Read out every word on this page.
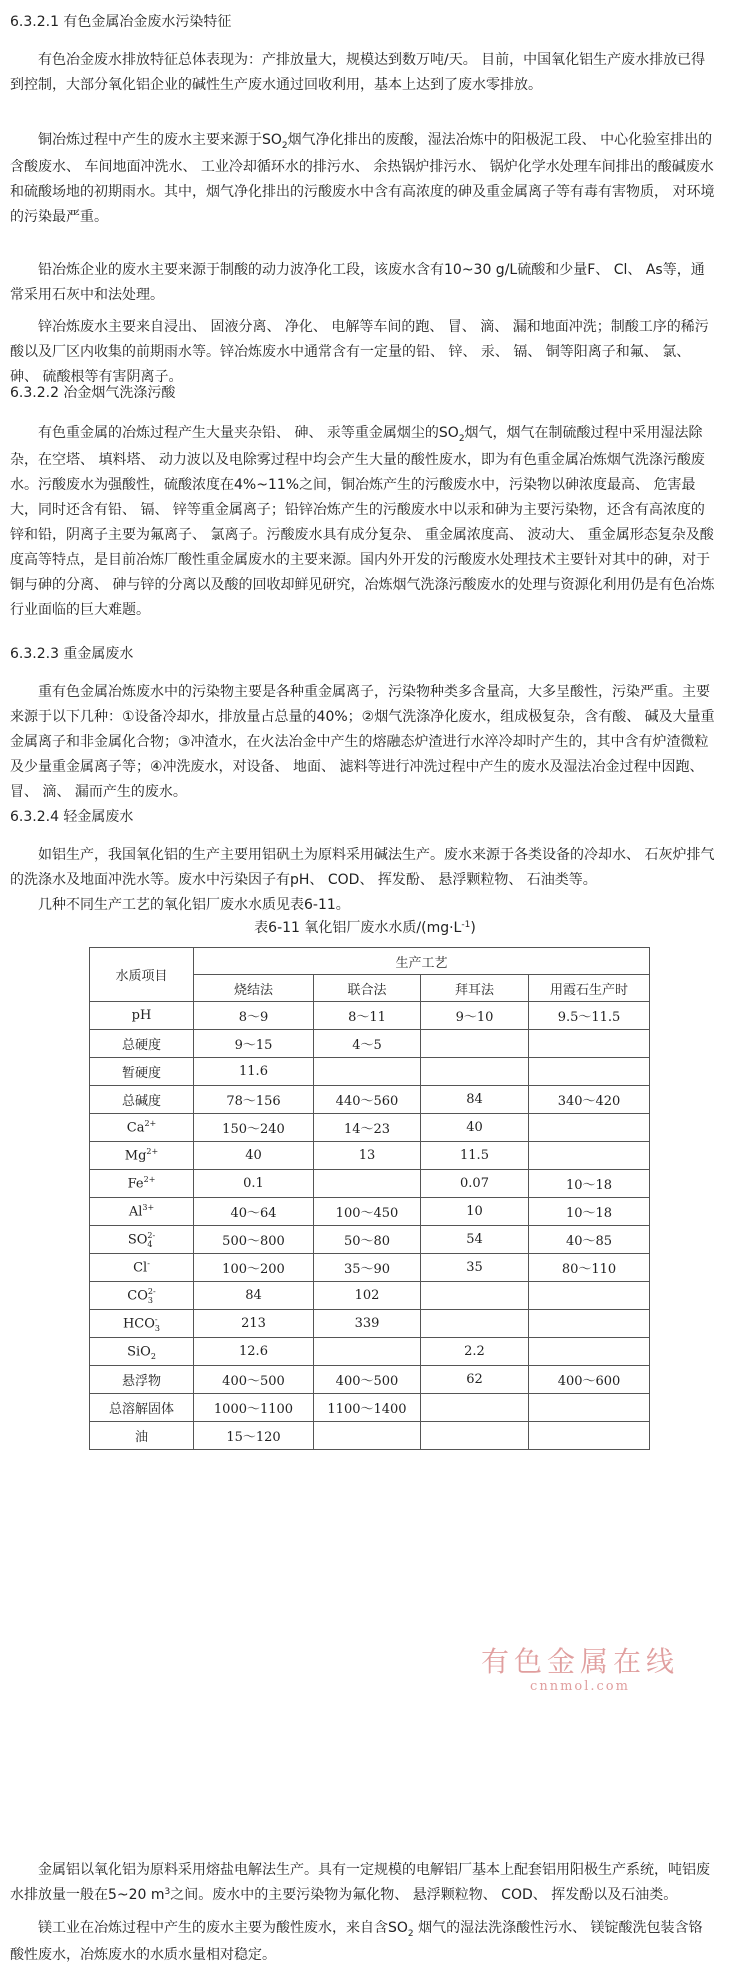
6.3.2.1 有色金属冶金废水污染特征

有色冶金废水排放特征总体表现为：产排放量大，规模达到数万吨/天。 目前，中国氧化铝生产废水排放已得到控制，大部分氧化铝企业的碱性生产废水通过回收利用，基本上达到了废水零排放。

铜冶炼过程中产生的废水主要来源于$SO_2$烟气净化排出的废酸，湿法冶炼中的阳极泥工段、 中心化验室排出的含酸废水、 车间地面冲洗水、 工业冷却循环水的排污水、 余热锅炉排污水、 锅炉化学水处理车间排出的酸碱废水和硫酸场地的初期雨水。其中，烟气净化排出的污酸废水中含有高浓度的砷及重金属离子等有毒有害物质， 对环境的污染最严重。

铅冶炼企业的废水主要来源于制酸的动力波净化工段，该废水含有10~30 g/L硫酸和少量F、 Cl、 As等，通常采用石灰中和法处理。

锌冶炼废水主要来自浸出、 固液分离、 净化、 电解等车间的跑、 冒、 滴、 漏和地面冲洗；制酸工序的稀污酸以及厂区内收集的前期雨水等。锌冶炼废水中通常含有一定量的铅、 锌、 汞、 镉、 铜等阳离子和氟、 氯、 砷、 硫酸根等有害阴离子。

6.3.2.2 冶金烟气洗涤污酸

有色重金属的冶炼过程产生大量夹杂铅、 砷、 汞等重金属烟尘的$SO_2$烟气，烟气在制硫酸过程中采用湿法除杂，在空塔、 填料塔、 动力波以及电除雾过程中均会产生大量的酸性废水，即为有色重金属冶炼烟气洗涤污酸废水。污酸废水为强酸性，硫酸浓度在4%~11%之间，铜冶炼产生的污酸废水中，污染物以砷浓度最高、 危害最大，同时还含有铅、 镉、 锌等重金属离子；铅锌冶炼产生的污酸废水中以汞和砷为主要污染物，还含有高浓度的锌和铅，阴离子主要为氟离子、 氯离子。污酸废水具有成分复杂、 重金属浓度高、 波动大、 重金属形态复杂及酸度高等特点，是目前冶炼厂酸性重金属废水的主要来源。国内外开发的污酸废水处理技术主要针对其中的砷，对于铜与砷的分离、 砷与锌的分离以及酸的回收却鲜见研究，冶炼烟气洗涤污酸废水的处理与资源化利用仍是有色冶炼行业面临的巨大难题。

6.3.2.3 重金属废水

重有色金属冶炼废水中的污染物主要是各种重金属离子，污染物种类多含量高，大多呈酸性，污染严重。主要来源于以下几种：①设备冷却水，排放量占总量的40%；②烟气洗涤净化废水，组成极复杂，含有酸、 碱及大量重金属离子和非金属化合物；③冲渣水，在火法冶金中产生的熔融态炉渣进行水淬冷却时产生的，其中含有炉渣微粒及少量重金属离子等；④冲洗废水，对设备、 地面、 滤料等进行冲洗过程中产生的废水及湿法冶金过程中因跑、 冒、 滴、 漏而产生的废水。

6.3.2.4 轻金属废水

如铝生产，我国氧化铝的生产主要用铝矾土为原料采用碱法生产。废水来源于各类设备的冷却水、 石灰炉排气的洗涤水及地面冲洗水等。废水中污染因子有pH、 COD、 挥发酚、 悬浮颗粒物、 石油类等。

几种不同生产工艺的氧化铝厂废水水质见表6-11。

表6-11 氧化铝厂废水水质$/(mg\cdot L^{-1})$

水质项目	生产工艺			
	烧结法	联合法	拜耳法	用霞石生产时
pH	8～9	8～11	9～10	9.5～11.5
总硬度	9～15	4～5		
暂硬度	11.6			
总碱度	78～156	440～560	84	340～420
Ca 2+	150～240	14～23	40	
Mg 2+	40	13	11.5	
Fe 2+	0.1		0.07	10～18
Al 3+	40～64	100～450	10	10～18
SO 2-
4	500～800	50～80	54	40～85
Cl -	100～200	35～90	35	80～110
CO 2-
3	84	102		
HCO -
3	213	339		
SiO 2	12.6		2.2	
悬浮物	400～500	400～500	62	400～600
总溶解固体	1000～1100	1100～1400		
油	15～120			
有色金属在线
cnnmol.com

金属铝以氧化铝为原料采用熔盐电解法生产。具有一定规模的电解铝厂基本上配套铝用阳极生产系统，吨铝废水排放量一般在5~20 $m^3$之间。废水中的主要污染物为氟化物、 悬浮颗粒物、 COD、 挥发酚以及石油类。

镁工业在冶炼过程中产生的废水主要为酸性废水，来自含$SO_2$ 烟气的湿法洗涤酸性污水、 镁锭酸洗包装含铬酸性废水，冶炼废水的水质水量相对稳定。
